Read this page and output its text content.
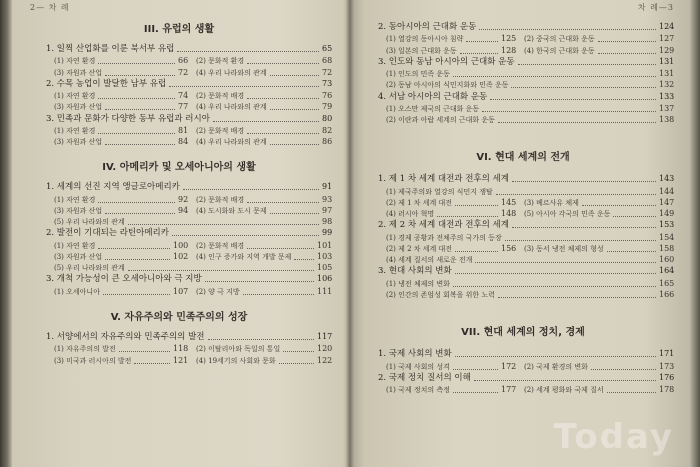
2— 차 례
III. 유럽의 생활
1. 일찍 산업화를 이룬 북서부 유럽	65
(1) 자연 환경	66 (2) 문화적 환경	68
(3) 자원과 산업	72 (4) 우리 나라와의 관계	72
2. 수목 농업이 발달한 남부 유럽	73
(1) 자연 환경	74 (2) 문화적 배경	76
(3) 자원과 산업	77 (4) 우리 나라와의 관계	79
3. 민족과 문화가 다양한 동부 유럽과 러시아	80
(1) 자연 환경	81 (2) 문화적 배경	82
(3) 자원과 산업	84 (4) 우리 나라와의 관계	86
IV. 아메리카 및 오세아니아의 생활
1. 세계의 선진 지역 앵글로아메리카	91
(1) 자연 환경	92 (2) 문화적 배경	93
(3) 자원과 산업	94 (4) 도시화와 도시 문제	97
(5) 우리 나라와의 관계	98
2. 발전이 기대되는 라틴아메리카	99
(1) 자연 환경	100 (2) 문화적 배경	101
(3) 자원과 산업	102 (4) 인구 증가와 지역 개발 문제	103
(5) 우리 나라와의 관계	105
3. 개척 가능성이 큰 오세아니아와 극 지방	106
(1) 오세아니아	107 (2) 양 극 지방	111
V. 자유주의와 민족주의의 성장
1. 서양에서의 자유주의와 민족주의의 발전	117
(1) 자유주의의 발전	118 (2) 이탈리아와 독일의 통일	120
(3) 미국과 러시아의 발전	121 (4) 19세기의 사회와 문화	122
차 례—3
2. 동아시아의 근대화 운동	124
(1) 열강의 동아시아 침략	125 (2) 중국의 근대화 운동	127
(3) 일본의 근대화 운동	128 (4) 한국의 근대화 운동	129
3. 인도와 동남 아시아의 근대화 운동	131
(1) 인도의 민족 운동	131
(2) 동남 아시아의 식민지화와 민족 운동	132
4. 서남 아시아의 근대화 운동	133
(1) 오스만 제국의 근대화 운동	137
(2) 이란과 아랍 세계의 근대화 운동	138
VI. 현대 세계의 전개
1. 제 1 차 세계 대전과 전후의 세계	143
(1) 제국주의와 열강의 식민지 쟁탈	144
(2) 제 1 차 세계 대전	145 (3) 베르사유 체제	147
(4) 러시아 혁명	148 (5) 아시아 각국의 민족 운동	149
2. 제 2 차 세계 대전과 전후의 세계	153
(1) 경제 공황과 전체주의 국가의 등장	154
(2) 제 2 차 세계 대전	156 (3) 동서 냉전 체제의 형성	158
(4) 세계 질서의 새로운 전개	160
3. 현대 사회의 변화	164
(1) 냉전 체제의 변화	165
(2) 인간의 존엄성 회복을 위한 노력	166
VII. 현대 세계의 정치, 경제
1. 국제 사회의 변화	171
(1) 국제 사회의 성격	172 (2) 국제 환경의 변화	173
2. 국제 정치 질서의 이해	176
(1) 국제 정치의 측정	177 (2) 세계 평화와 국제 질서	178
Today
